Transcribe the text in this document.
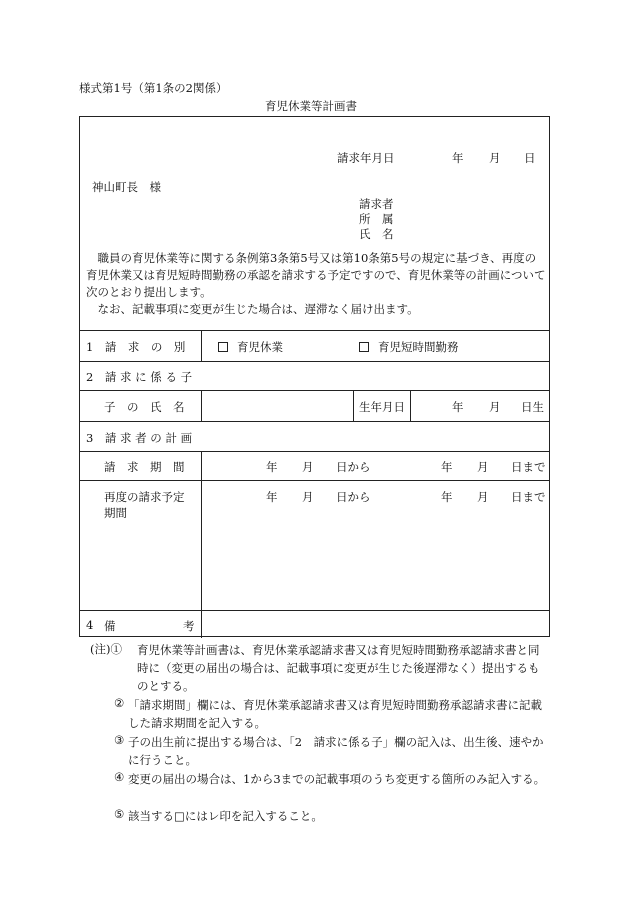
様式第1号（第1条の2関係）
育児休業等計画書
請求年月日	年 月 日
神山町長　様
請求者
所　属
氏　名
　職員の育児休業等に関する条例第3条第5号又は第10条第5号の規定に基づき、再度の育児休業又は育児短時間勤務の承認を請求する予定ですので、育児休業等の計画について次のとおり提出します。
　なお、記載事項に変更が生じた場合は、遅滞なく届け出ます。
1　請　求　の　別	育児休業	育児短時間勤務
2　請 求 に 係 る 子
子　の　氏　名	生年月日	年 月 日生
3　請 求 者 の 計 画
請　求　期　間	年 月 日から	年 月 日まで
再度の請求予定
期間
年 月 日から	年 月 日まで
4 備	考
(注)① 育児休業等計画書は、育児休業承認請求書又は育児短時間勤務承認請求書と同時に（変更の届出の場合は、記載事項に変更が生じた後遅滞なく）提出するものとする。
② 「請求期間」欄には、育児休業承認請求書又は育児短時間勤務承認請求書に記載した請求期間を記入する。
③ 子の出生前に提出する場合は、「2　請求に係る子」欄の記入は、出生後、速やかに行うこと。
④ 変更の届出の場合は、1から3までの記載事項のうち変更する箇所のみ記入する。
⑤ 該当する□にはレ印を記入すること。
